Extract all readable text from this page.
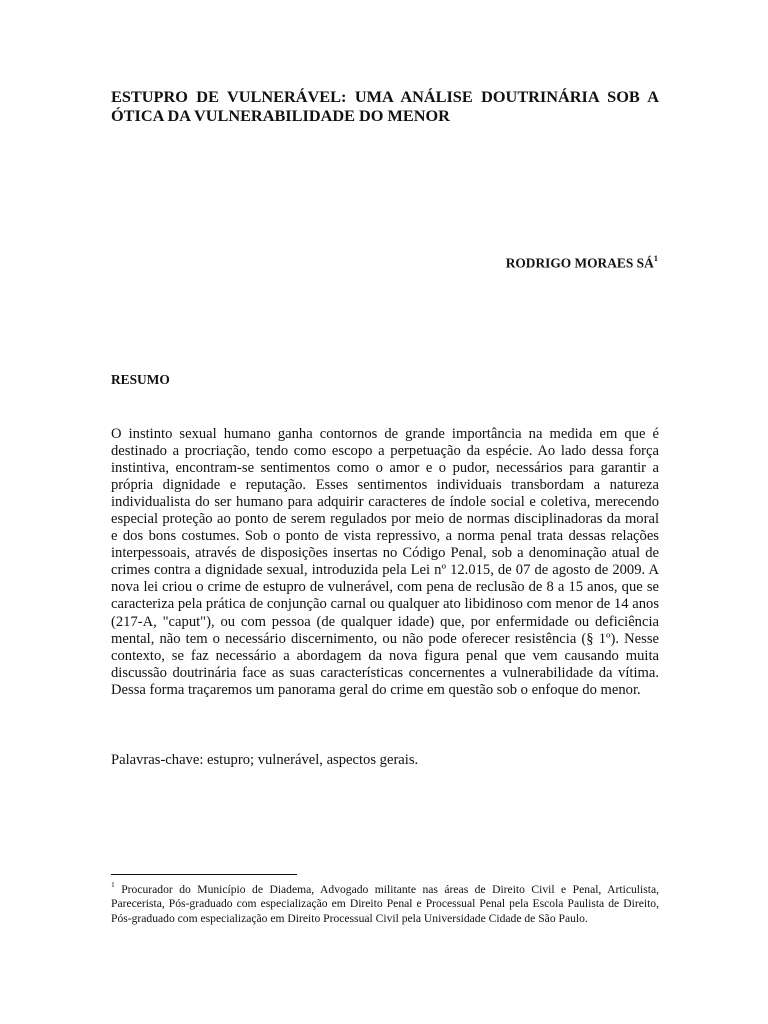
ESTUPRO DE VULNERÁVEL: UMA ANÁLISE DOUTRINÁRIA SOB A ÓTICA DA VULNERABILIDADE DO MENOR

RODRIGO MORAES $SÁ^1$

RESUMO

O instinto sexual humano ganha contornos de grande importância na medida em que é destinado a procriação, tendo como escopo a perpetuação da espécie. Ao lado dessa força instintiva, encontram-se sentimentos como o amor e o pudor, necessários para garantir a própria dignidade e reputação. Esses sentimentos individuais transbordam a natureza individualista do ser humano para adquirir caracteres de índole social e coletiva, merecendo especial proteção ao ponto de serem regulados por meio de normas disciplinadoras da moral e dos bons costumes. Sob o ponto de vista repressivo, a norma penal trata dessas relações interpessoais, através de disposições insertas no Código Penal, sob a denominação atual de crimes contra a dignidade sexual, introduzida pela Lei nº 12.015, de 07 de agosto de 2009. A nova lei criou o crime de estupro de vulnerável, com pena de reclusão de 8 a 15 anos, que se caracteriza pela prática de conjunção carnal ou qualquer ato libidinoso com menor de 14 anos (217-A, "caput"), ou com pessoa (de qualquer idade) que, por enfermidade ou deficiência mental, não tem o necessário discernimento, ou não pode oferecer resistência (§ 1º). Nesse contexto, se faz necessário a abordagem da nova figura penal que vem causando muita discussão doutrinária face as suas características concernentes a vulnerabilidade da vítima. Dessa forma traçaremos um panorama geral do crime em questão sob o enfoque do menor.

Palavras-chave: estupro; vulnerável, aspectos gerais.

$^1$ Procurador do Município de Diadema, Advogado militante nas áreas de Direito Civil e Penal, Articulista, Parecerista, Pós-graduado com especialização em Direito Penal e Processual Penal pela Escola Paulista de Direito, Pós-graduado com especialização em Direito Processual Civil pela Universidade Cidade de São Paulo.
